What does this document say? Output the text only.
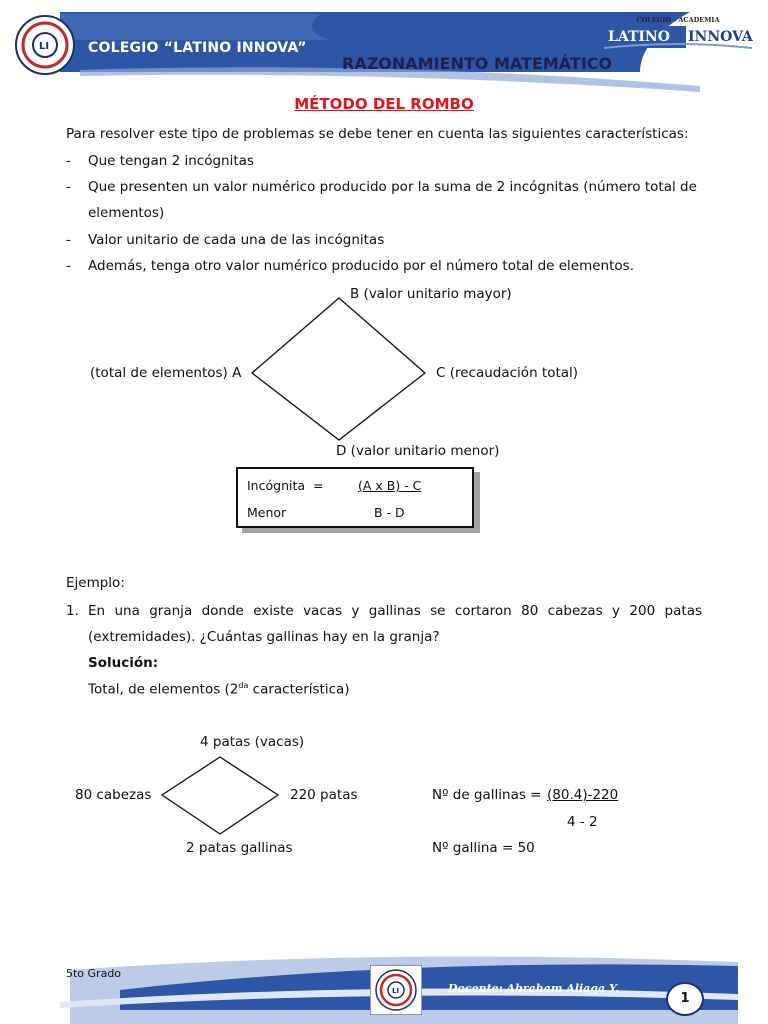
LI	COLEGIO “LATINO INNOVA”
COLEGIO - ACADEMIA
LATINO INNOVA
RAZONAMIENTO MATEMÁTICO
MÉTODO DEL ROMBO
Para resolver este tipo de problemas se debe tener en cuenta las siguientes características:
- Que tengan 2 incógnitas
- Que presenten un valor numérico producido por la suma de 2 incógnitas (número total de
elementos)
- Valor unitario de cada una de las incógnitas
- Además, tenga otro valor numérico producido por el número total de elementos.
B (valor unitario mayor)
(total de elementos) A	C (recaudación total)
D (valor unitario menor)
Incógnita =	(A x B) - C
Menor	B - D
Ejemplo:
1. En una granja donde existe vacas y gallinas se cortaron 80 cabezas y 200 patas
(extremidades). ¿Cuántas gallinas hay en la granja?
Solución:
Total, de elementos ($2^{da}$ característica)
4 patas (vacas)
80 cabezas	220 patas
2 patas gallinas
Nº de gallinas = (80.4)-220
4 - 2
Nº gallina = 50
5to Grado
LI	Docente: Abraham Aliaga Y.
1
